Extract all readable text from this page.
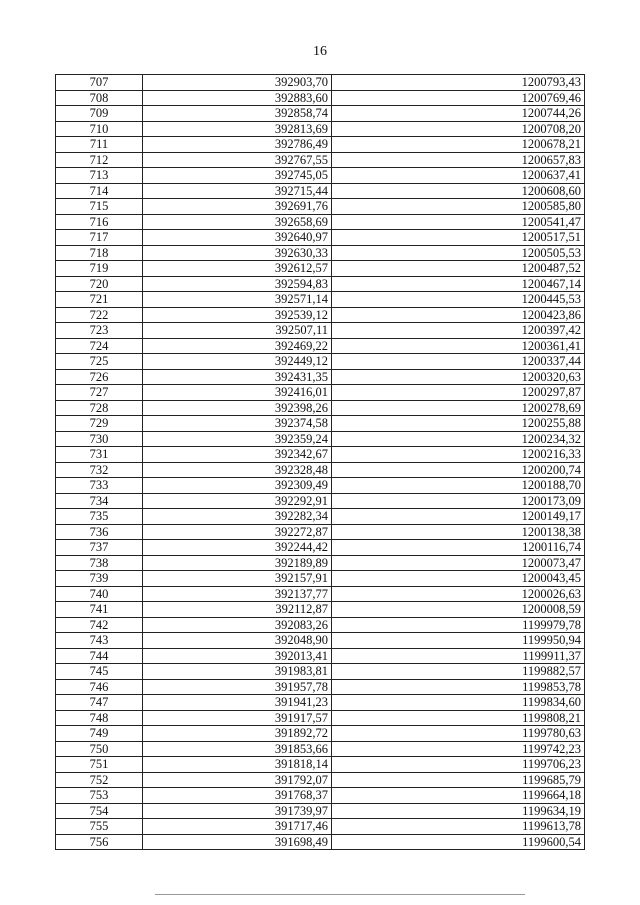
16
707	392903,70	1200793,43
708	392883,60	1200769,46
709	392858,74	1200744,26
710	392813,69	1200708,20
711	392786,49	1200678,21
712	392767,55	1200657,83
713	392745,05	1200637,41
714	392715,44	1200608,60
715	392691,76	1200585,80
716	392658,69	1200541,47
717	392640,97	1200517,51
718	392630,33	1200505,53
719	392612,57	1200487,52
720	392594,83	1200467,14
721	392571,14	1200445,53
722	392539,12	1200423,86
723	392507,11	1200397,42
724	392469,22	1200361,41
725	392449,12	1200337,44
726	392431,35	1200320,63
727	392416,01	1200297,87
728	392398,26	1200278,69
729	392374,58	1200255,88
730	392359,24	1200234,32
731	392342,67	1200216,33
732	392328,48	1200200,74
733	392309,49	1200188,70
734	392292,91	1200173,09
735	392282,34	1200149,17
736	392272,87	1200138,38
737	392244,42	1200116,74
738	392189,89	1200073,47
739	392157,91	1200043,45
740	392137,77	1200026,63
741	392112,87	1200008,59
742	392083,26	1199979,78
743	392048,90	1199950,94
744	392013,41	1199911,37
745	391983,81	1199882,57
746	391957,78	1199853,78
747	391941,23	1199834,60
748	391917,57	1199808,21
749	391892,72	1199780,63
750	391853,66	1199742,23
751	391818,14	1199706,23
752	391792,07	1199685,79
753	391768,37	1199664,18
754	391739,97	1199634,19
755	391717,46	1199613,78
756	391698,49	1199600,54
